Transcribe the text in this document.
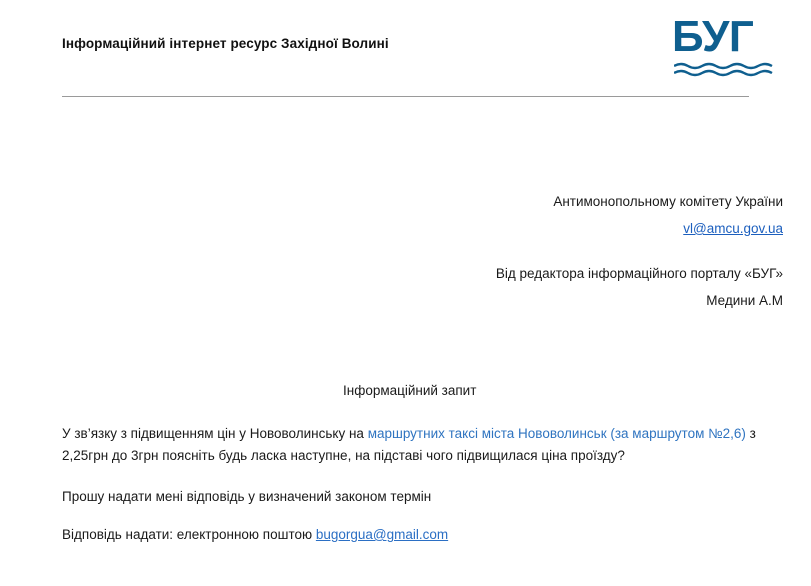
Інформаційний інтернет ресурс Західної Волині	БУГ
Антимонопольному комітету України
vl@amcu.gov.ua
Від редактора інформаційного порталу «БУГ»
Медини А.М
Інформаційний запит

У зв’язку з підвищенням цін у Нововолинську на маршрутних таксі міста Нововолинськ (за маршрутом №2,6) з 2,25грн до 3грн поясніть будь ласка наступне, на підставі чого підвищилася ціна проїзду?

Прошу надати мені відповідь у визначений законом термін

Відповідь надати: електронною поштою bugorgua@gmail.com
